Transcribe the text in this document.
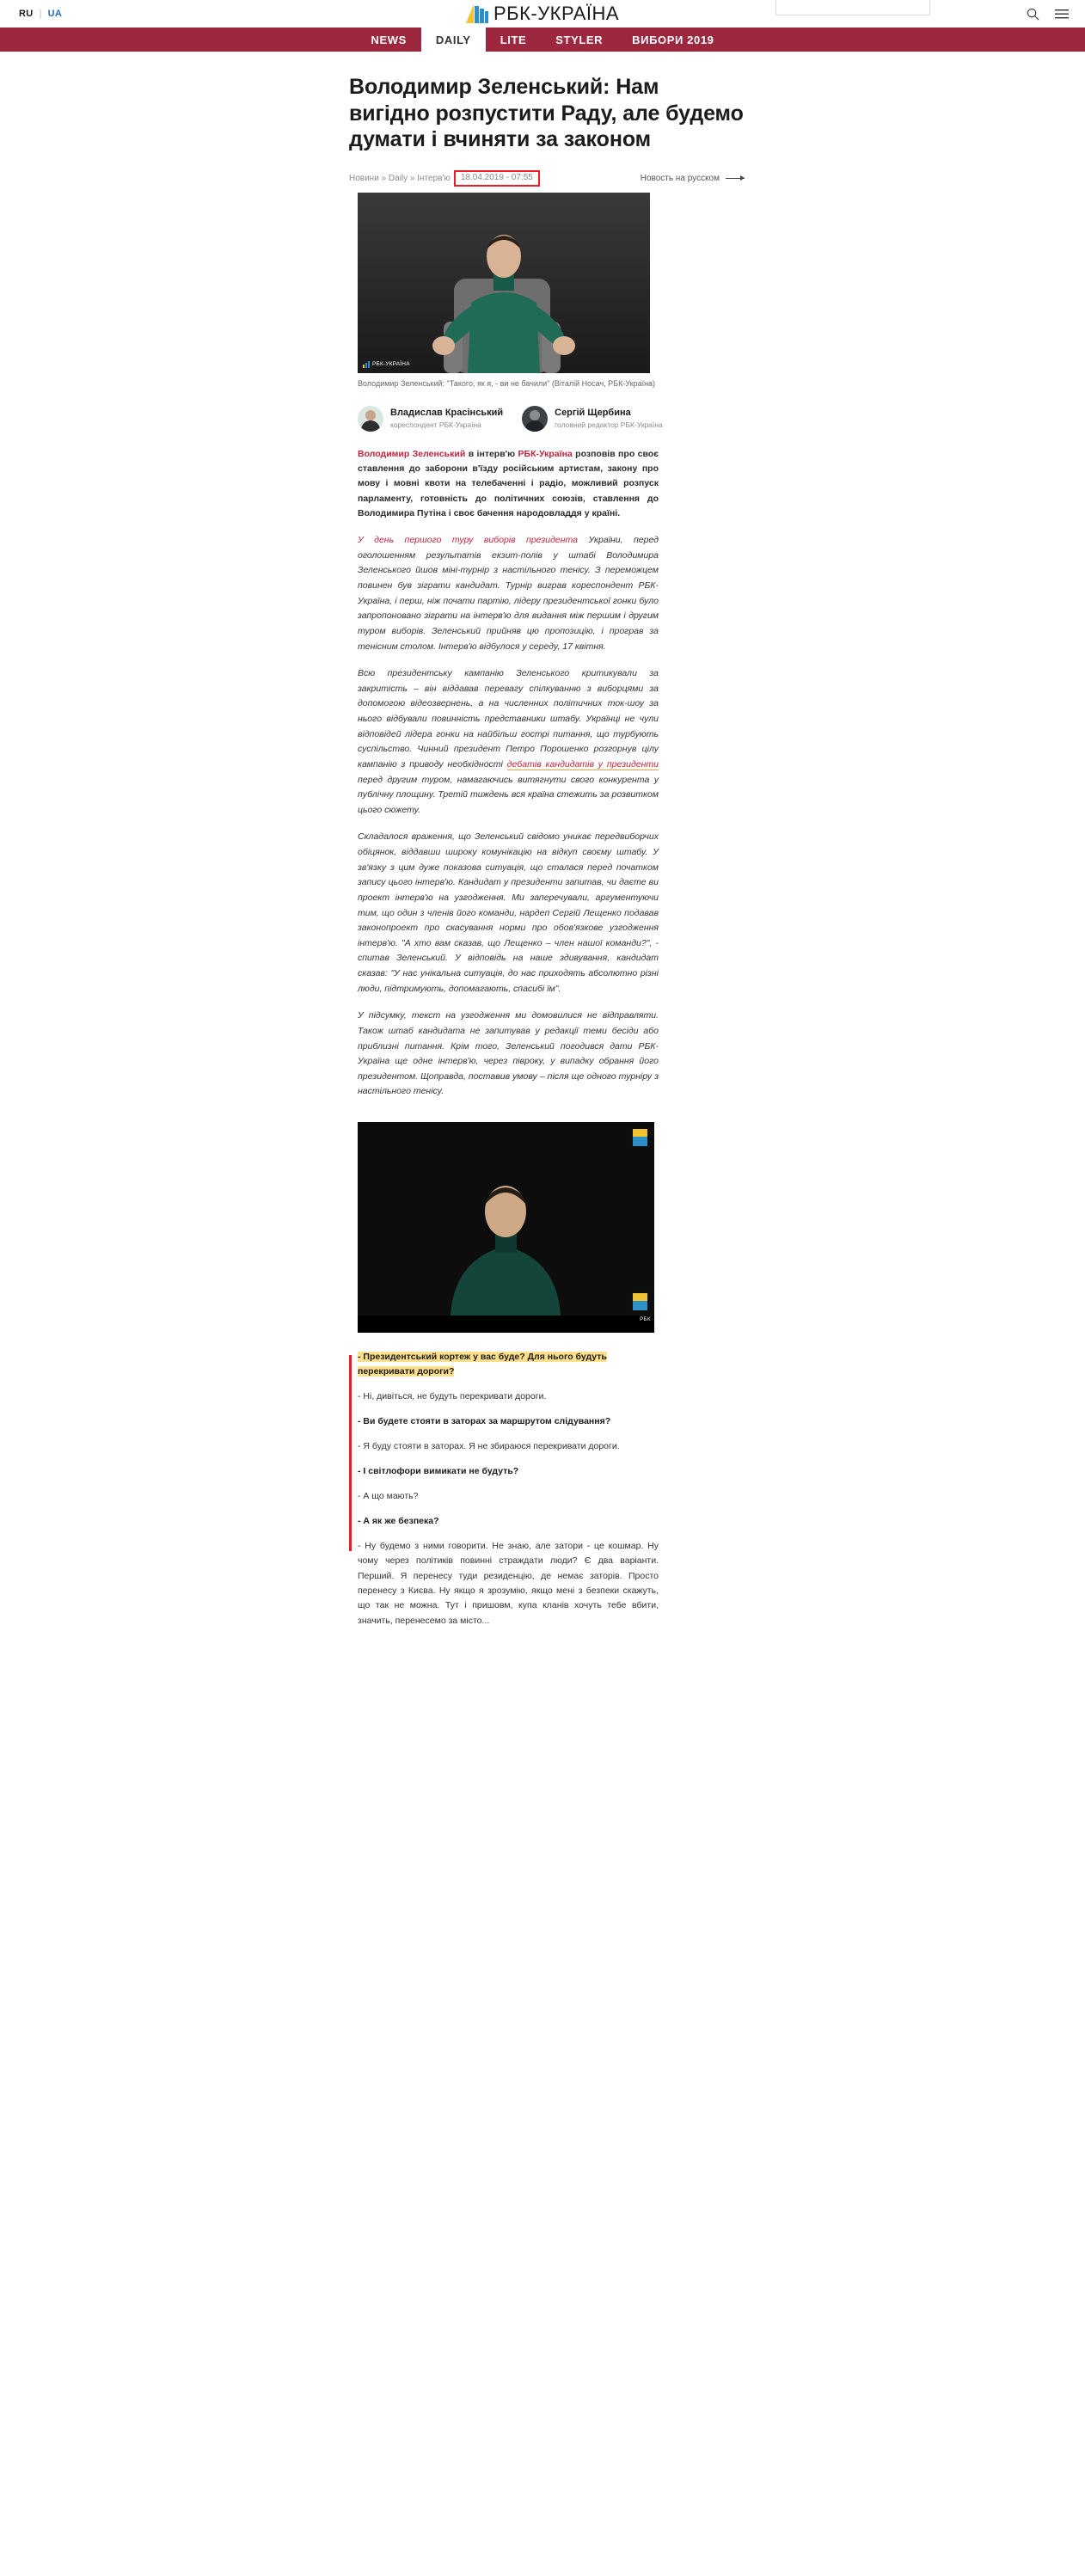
RU | UA	РБК-УКРАЇНА
NEWS	DAILY	LITE	STYLER	ВИБОРИ 2019
Володимир Зеленський: Нам вигідно розпустити Раду, але будемо думати і вчиняти за законом
Новини » Daily » Інтерв'ю	18.04.2019 - 07:55	Новость на русском
РБК-УКРАЇНА
Володимир Зеленський: "Такого, як я, - ви не бачили" (Віталій Носач, РБК-Україна)
Владислав Красінський
кореспондент РБК-Україна
Сергій Щербина
головний редактор РБК-Україна
Володимир Зеленський в інтерв'ю РБК-Україна розповів про своє ставлення до заборони в'їзду російським артистам, закону про мову і мовні квоти на телебаченні і радіо, можливий розпуск парламенту, готовність до політичних союзів, ставлення до Володимира Путіна і своє бачення народовладдя у країні.

У день першого туру виборів президента України, перед оголошенням результатів екзит-полів у штабі Володимира Зеленського йшов міні-турнір з настільного тенісу. З переможцем повинен був зіграти кандидат. Турнір виграв кореспондент РБК-Україна, і перш, ніж почати партію, лідеру президентської гонки було запропоновано зіграти на інтерв'ю для видання між першим і другим туром виборів. Зеленський прийняв цю пропозицію, і програв за тенісним столом. Інтерв'ю відбулося у середу, 17 квітня.

Всю президентську кампанію Зеленського критикували за закритість – він віддавав перевагу спілкуванню з виборцями за допомогою відеозвернень, а на численних політичних ток-шоу за нього відбували повинність представники штабу. Українці не чули відповідей лідера гонки на найбільш гострі питання, що турбують суспільство. Чинний президент Петро Порошенко розгорнув цілу кампанію з приводу необхідності дебатів кандидатів у президенти перед другим туром, намагаючись витягнути свого конкурента у публічну площину. Третій тиждень вся країна стежить за розвитком цього сюжету.

Складалося враження, що Зеленський свідомо уникає передвиборчих обіцянок, віддавши широку комунікацію на відкуп своєму штабу. У зв'язку з цим дуже показова ситуація, що сталася перед початком запису цього інтерв'ю. Кандидат у президенти запитав, чи даєте ви проект інтерв'ю на узгодження. Ми заперечували, аргументуючи тим, що один з членів його команди, нардеп Сергій Лещенко подавав законопроект про скасування норми про обов'язкове узгодження інтерв'ю. "А хто вам сказав, що Лещенко – член нашої команди?", - спитав Зеленський. У відповідь на наше здивування, кандидат сказав: "У нас унікальна ситуація, до нас приходять абсолютно різні люди, підтримують, допомагають, спасибі їм".

У підсумку, текст на узгодження ми домовилися не відправляти. Також штаб кандидата не запитував у редакції теми бесіди або приблизні питання. Крім того, Зеленський погодився дати РБК-Україна ще одне інтерв'ю, через півроку, у випадку обрання його президентом. Щоправда, поставив умову – після ще одного турніру з настільного тенісу.

РБК

- Президентський кортеж у вас буде? Для нього будуть перекривати дороги?

- Ні, дивіться, не будуть перекривати дороги.

- Ви будете стояти в заторах за маршрутом слідування?

- Я буду стояти в заторах. Я не збираюся перекривати дороги.

- І світлофори вимикати не будуть?

- А що мають?

- А як же безпека?

- Ну будемо з ними говорити. Не знаю, але затори - це кошмар. Ну чому через політиків повинні страждати люди? Є два варіанти. Перший. Я перенесу туди резиденцію, де немає заторів. Просто перенесу з Києва. Ну якщо я зрозумію, якщо мені з безпеки скажуть, що так не можна. Тут і пришовм, купа кланів хочуть тебе вбити, значить, перенесемо за місто...
